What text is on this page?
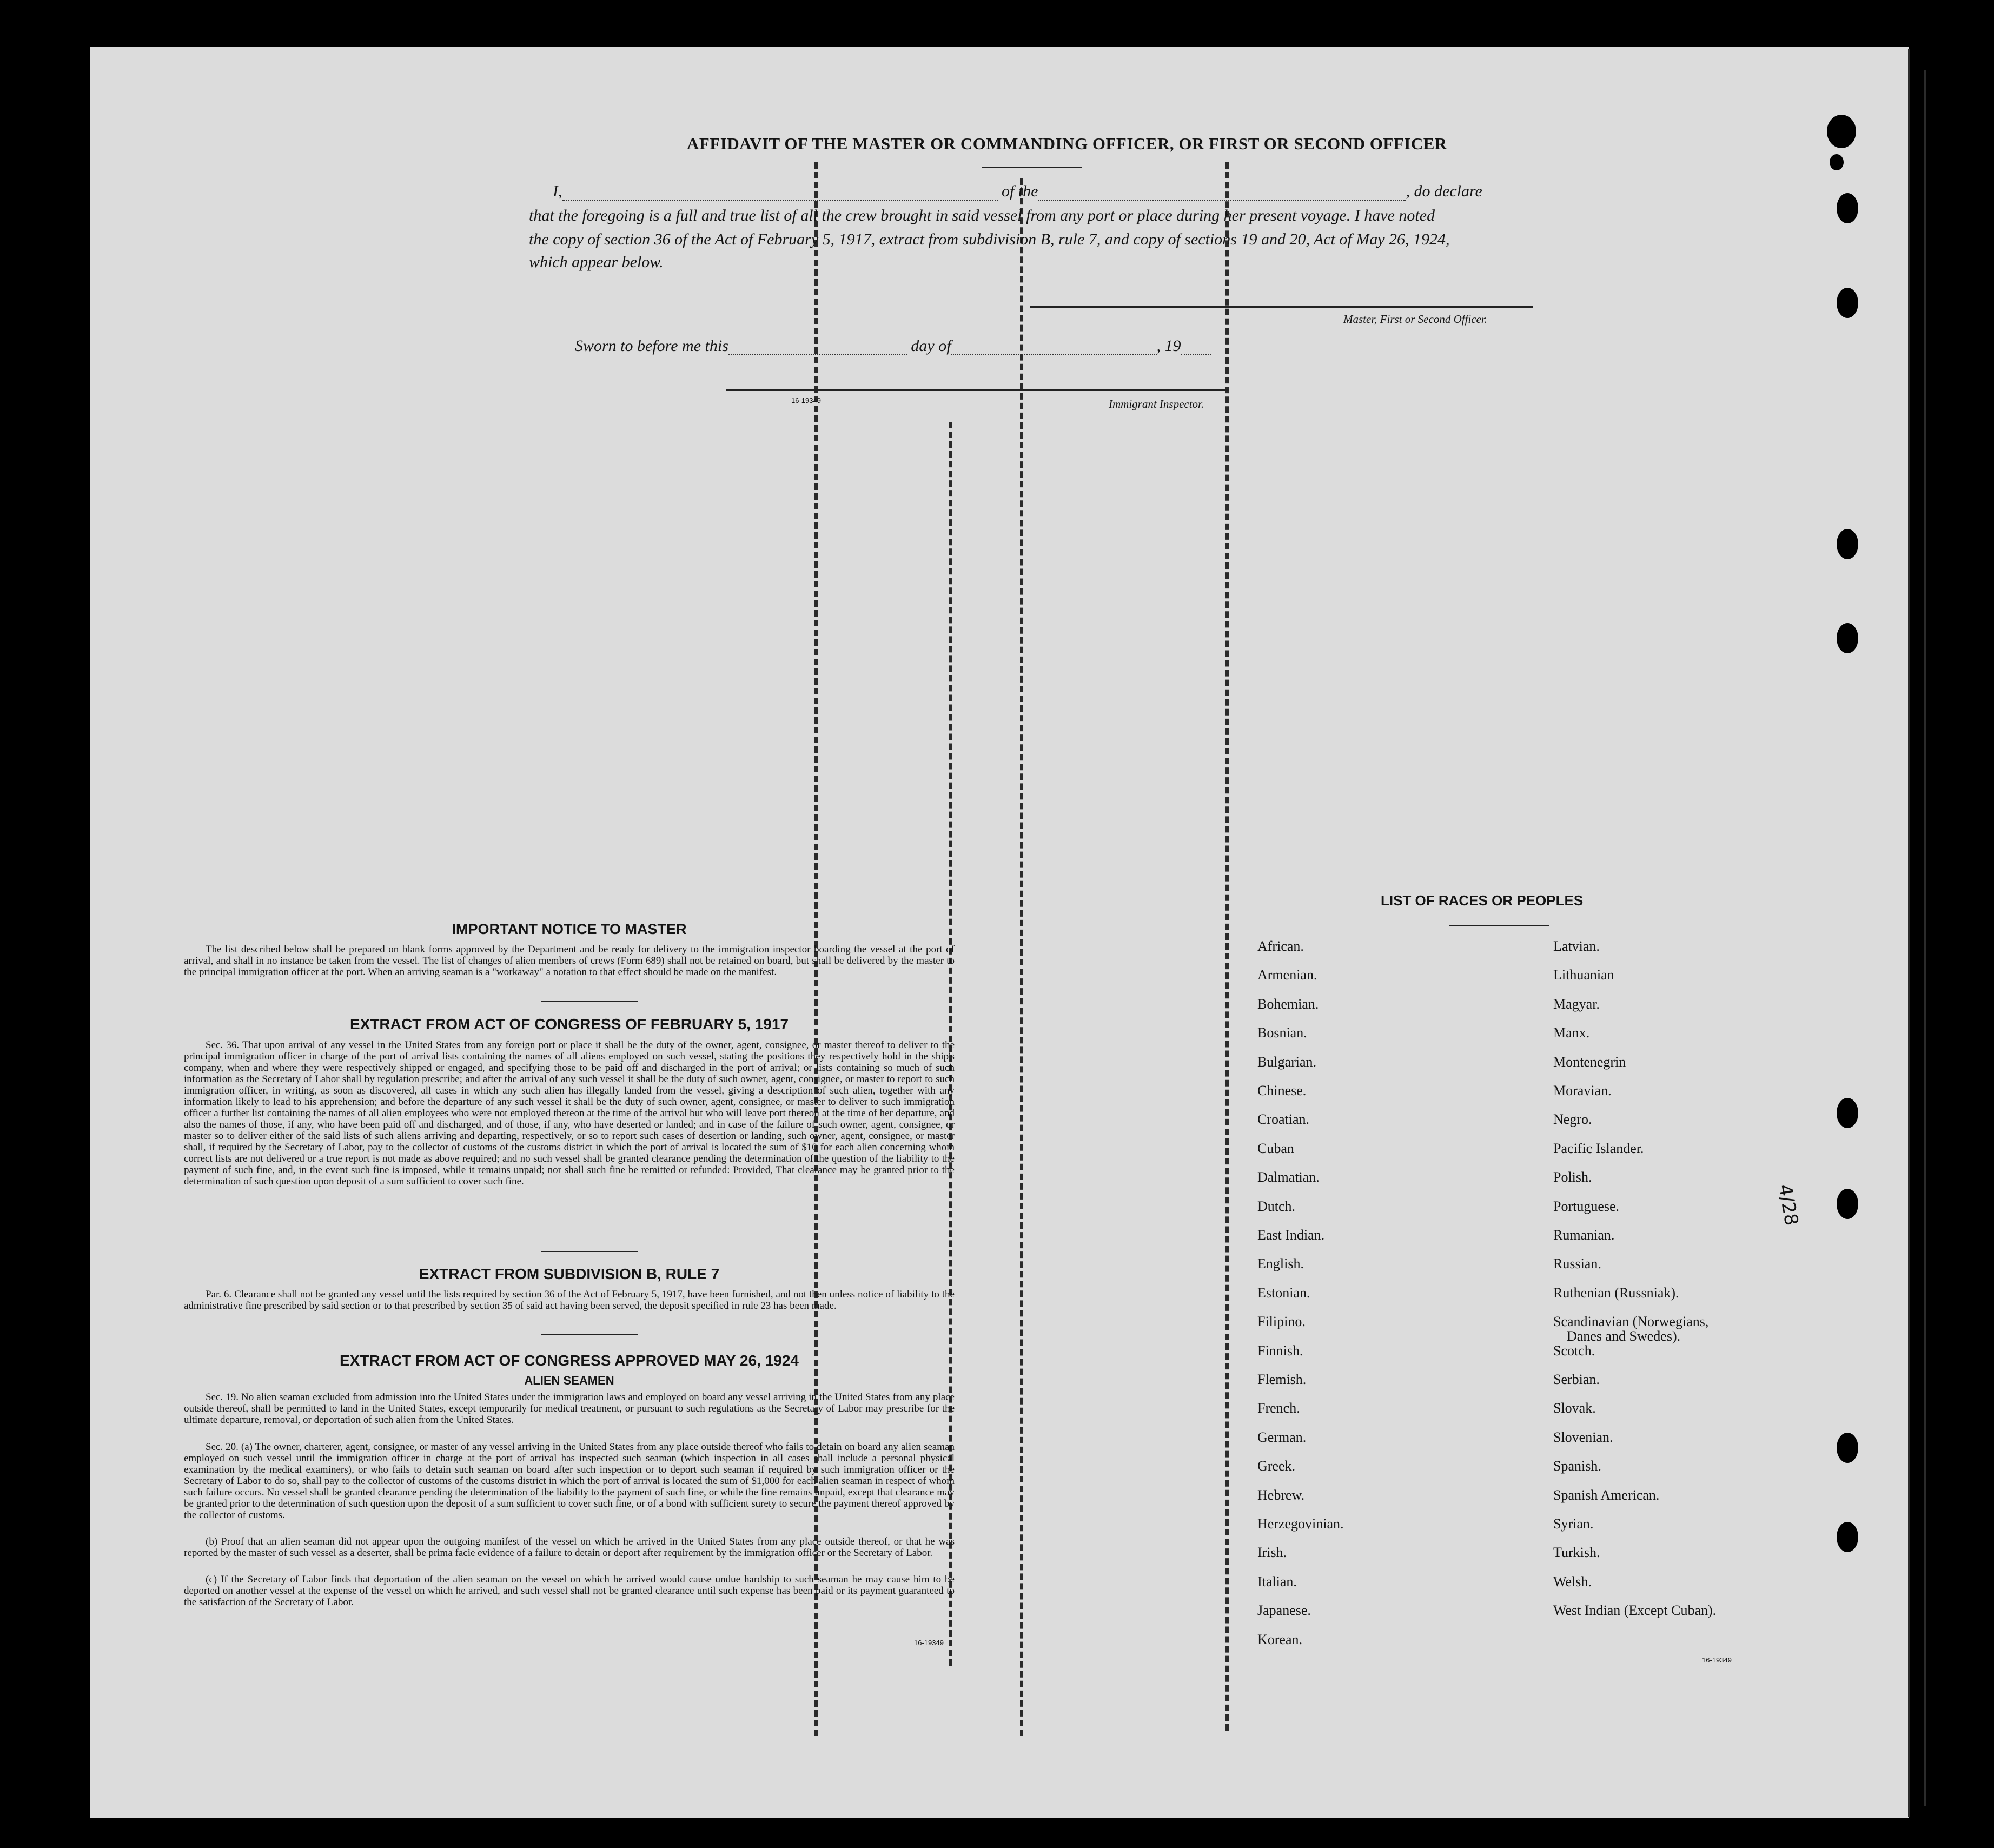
AFFIDAVIT OF THE MASTER OR COMMANDING OFFICER, OR FIRST OR SECOND OFFICER
I,	of the	, do declare
that the foregoing is a full and true list of all the crew brought in said vessel from any port or place during her present voyage. I have noted
the copy of section 36 of the Act of February 5, 1917, extract from subdivision B, rule 7, and copy of sections 19 and 20, Act of May 26, 1924,
which appear below.
Master, First or Second Officer.
Sworn to before me this	day of	, 19
16-19349	Immigrant Inspector.
IMPORTANT NOTICE TO MASTER
The list described below shall be prepared on blank forms approved by the Department and be ready for delivery to the immigration inspector boarding the vessel at the port of arrival, and shall in no instance be taken from the vessel. The list of changes of alien members of crews (Form 689) shall not be retained on board, but shall be delivered by the master to the principal immigration officer at the port. When an arriving seaman is a "workaway" a notation to that effect should be made on the manifest.
EXTRACT FROM ACT OF CONGRESS OF FEBRUARY 5, 1917
Sec. 36. That upon arrival of any vessel in the United States from any foreign port or place it shall be the duty of the owner, agent, consignee, or master thereof to deliver to the principal immigration officer in charge of the port of arrival lists containing the names of all aliens employed on such vessel, stating the positions they respectively hold in the ship's company, when and where they were respectively shipped or engaged, and specifying those to be paid off and discharged in the port of arrival; or lists containing so much of such information as the Secretary of Labor shall by regulation prescribe; and after the arrival of any such vessel it shall be the duty of such owner, agent, consignee, or master to report to such immigration officer, in writing, as soon as discovered, all cases in which any such alien has illegally landed from the vessel, giving a description of such alien, together with any information likely to lead to his apprehension; and before the departure of any such vessel it shall be the duty of such owner, agent, consignee, or master to deliver to such immigration officer a further list containing the names of all alien employees who were not employed thereon at the time of the arrival but who will leave port thereon at the time of her departure, and also the names of those, if any, who have been paid off and discharged, and of those, if any, who have deserted or landed; and in case of the failure of such owner, agent, consignee, or master so to deliver either of the said lists of such aliens arriving and departing, respectively, or so to report such cases of desertion or landing, such owner, agent, consignee, or master shall, if required by the Secretary of Labor, pay to the collector of customs of the customs district in which the port of arrival is located the sum of $10 for each alien concerning whom correct lists are not delivered or a true report is not made as above required; and no such vessel shall be granted clearance pending the determination of the question of the liability to the payment of such fine, and, in the event such fine is imposed, while it remains unpaid; nor shall such fine be remitted or refunded: Provided, That clearance may be granted prior to the determination of such question upon deposit of a sum sufficient to cover such fine.
EXTRACT FROM SUBDIVISION B, RULE 7
Par. 6. Clearance shall not be granted any vessel until the lists required by section 36 of the Act of February 5, 1917, have been furnished, and not then unless notice of liability to the administrative fine prescribed by said section or to that prescribed by section 35 of said act having been served, the deposit specified in rule 23 has been made.
EXTRACT FROM ACT OF CONGRESS APPROVED MAY 26, 1924
ALIEN SEAMEN
Sec. 19. No alien seaman excluded from admission into the United States under the immigration laws and employed on board any vessel arriving in the United States from any place outside thereof, shall be permitted to land in the United States, except temporarily for medical treatment, or pursuant to such regulations as the Secretary of Labor may prescribe for the ultimate departure, removal, or deportation of such alien from the United States.
Sec. 20. (a) The owner, charterer, agent, consignee, or master of any vessel arriving in the United States from any place outside thereof who fails to detain on board any alien seaman employed on such vessel until the immigration officer in charge at the port of arrival has inspected such seaman (which inspection in all cases shall include a personal physical examination by the medical examiners), or who fails to detain such seaman on board after such inspection or to deport such seaman if required by such immigration officer or the Secretary of Labor to do so, shall pay to the collector of customs of the customs district in which the port of arrival is located the sum of $1,000 for each alien seaman in respect of whom such failure occurs. No vessel shall be granted clearance pending the determination of the liability to the payment of such fine, or while the fine remains unpaid, except that clearance may be granted prior to the determination of such question upon the deposit of a sum sufficient to cover such fine, or of a bond with sufficient surety to secure the payment thereof approved by the collector of customs.
(b) Proof that an alien seaman did not appear upon the outgoing manifest of the vessel on which he arrived in the United States from any place outside thereof, or that he was reported by the master of such vessel as a deserter, shall be prima facie evidence of a failure to detain or deport after requirement by the immigration officer or the Secretary of Labor.
(c) If the Secretary of Labor finds that deportation of the alien seaman on the vessel on which he arrived would cause undue hardship to such seaman he may cause him to be deported on another vessel at the expense of the vessel on which he arrived, and such vessel shall not be granted clearance until such expense has been paid or its payment guaranteed to the satisfaction of the Secretary of Labor.
16-19349
LIST OF RACES OR PEOPLES
African.
Armenian.
Bohemian.
Bosnian.
Bulgarian.
Chinese.
Croatian.
Cuban
Dalmatian.
Dutch.
East Indian.
English.
Estonian.
Filipino.
Finnish.
Flemish.
French.
German.
Greek.
Hebrew.
Herzegovinian.
Irish.
Italian.
Japanese.
Korean.
Latvian.
Lithuanian
Magyar.
Manx.
Montenegrin
Moravian.
Negro.
Pacific Islander.
Polish.
Portuguese.
Rumanian.
Russian.
Ruthenian (Russniak).
Scandinavian (Norwegians,
Danes and Swedes).
Scotch.
Serbian.
Slovak.
Slovenian.
Spanish.
Spanish American.
Syrian.
Turkish.
Welsh.
West Indian (Except Cuban).
16-19349
4/28
